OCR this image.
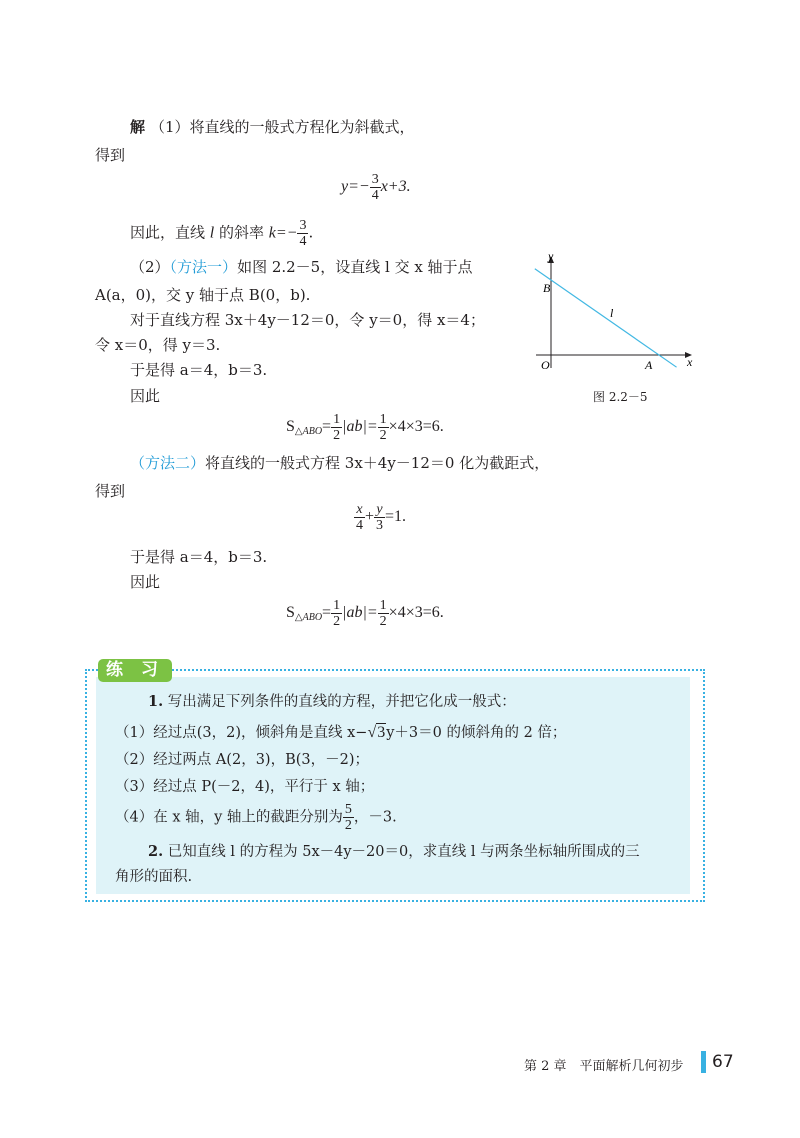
解 （1）将直线的一般式方程化为斜截式，
得到
$y=- \frac{3}{4} x+3$.
因此，直线 l 的斜率 $k=- \frac{3}{4}$ .
（2）（方法一）如图 2.2－5，设直线 l 交 x 轴于点
A(a，0)，交 y 轴于点 B(0，b).
对于直线方程 3x＋4y－12＝0，令 y＝0，得 x＝4；
令 x＝0，得 y＝3.
于是得 a＝4，b＝3.
因此
$S_{\triangle ABO}= \frac{1}{2} |ab|= \frac{1}{2} \times 4\times 3=6$.
y
x
O
B
A
l
图 2.2－5
（方法二）将直线的一般式方程 3x＋4y－12＝0 化为截距式，
得到
$\frac{x}{4} + \frac{y}{3} =1$.
于是得 a＝4，b＝3.
因此
$S_{\triangle ABO}= \frac{1}{2} |ab|= \frac{1}{2} \times 4\times 3=6$.
练 习
1. 写出满足下列条件的直线的方程，并把它化成一般式：
（1）经过点(3，2)，倾斜角是直线 x−√3y＋3＝0 的倾斜角的 2 倍；
（2）经过两点 A(2，3)，B(3，－2)；
（3）经过点 P(－2，4)，平行于 x 轴；
（4）在 x 轴，y 轴上的截距分别为 $\frac{5}{2}$ ，－3.
2. 已知直线 l 的方程为 5x－4y－20＝0，求直线 l 与两条坐标轴所围成的三
角形的面积.
第 2 章　平面解析几何初步 67
